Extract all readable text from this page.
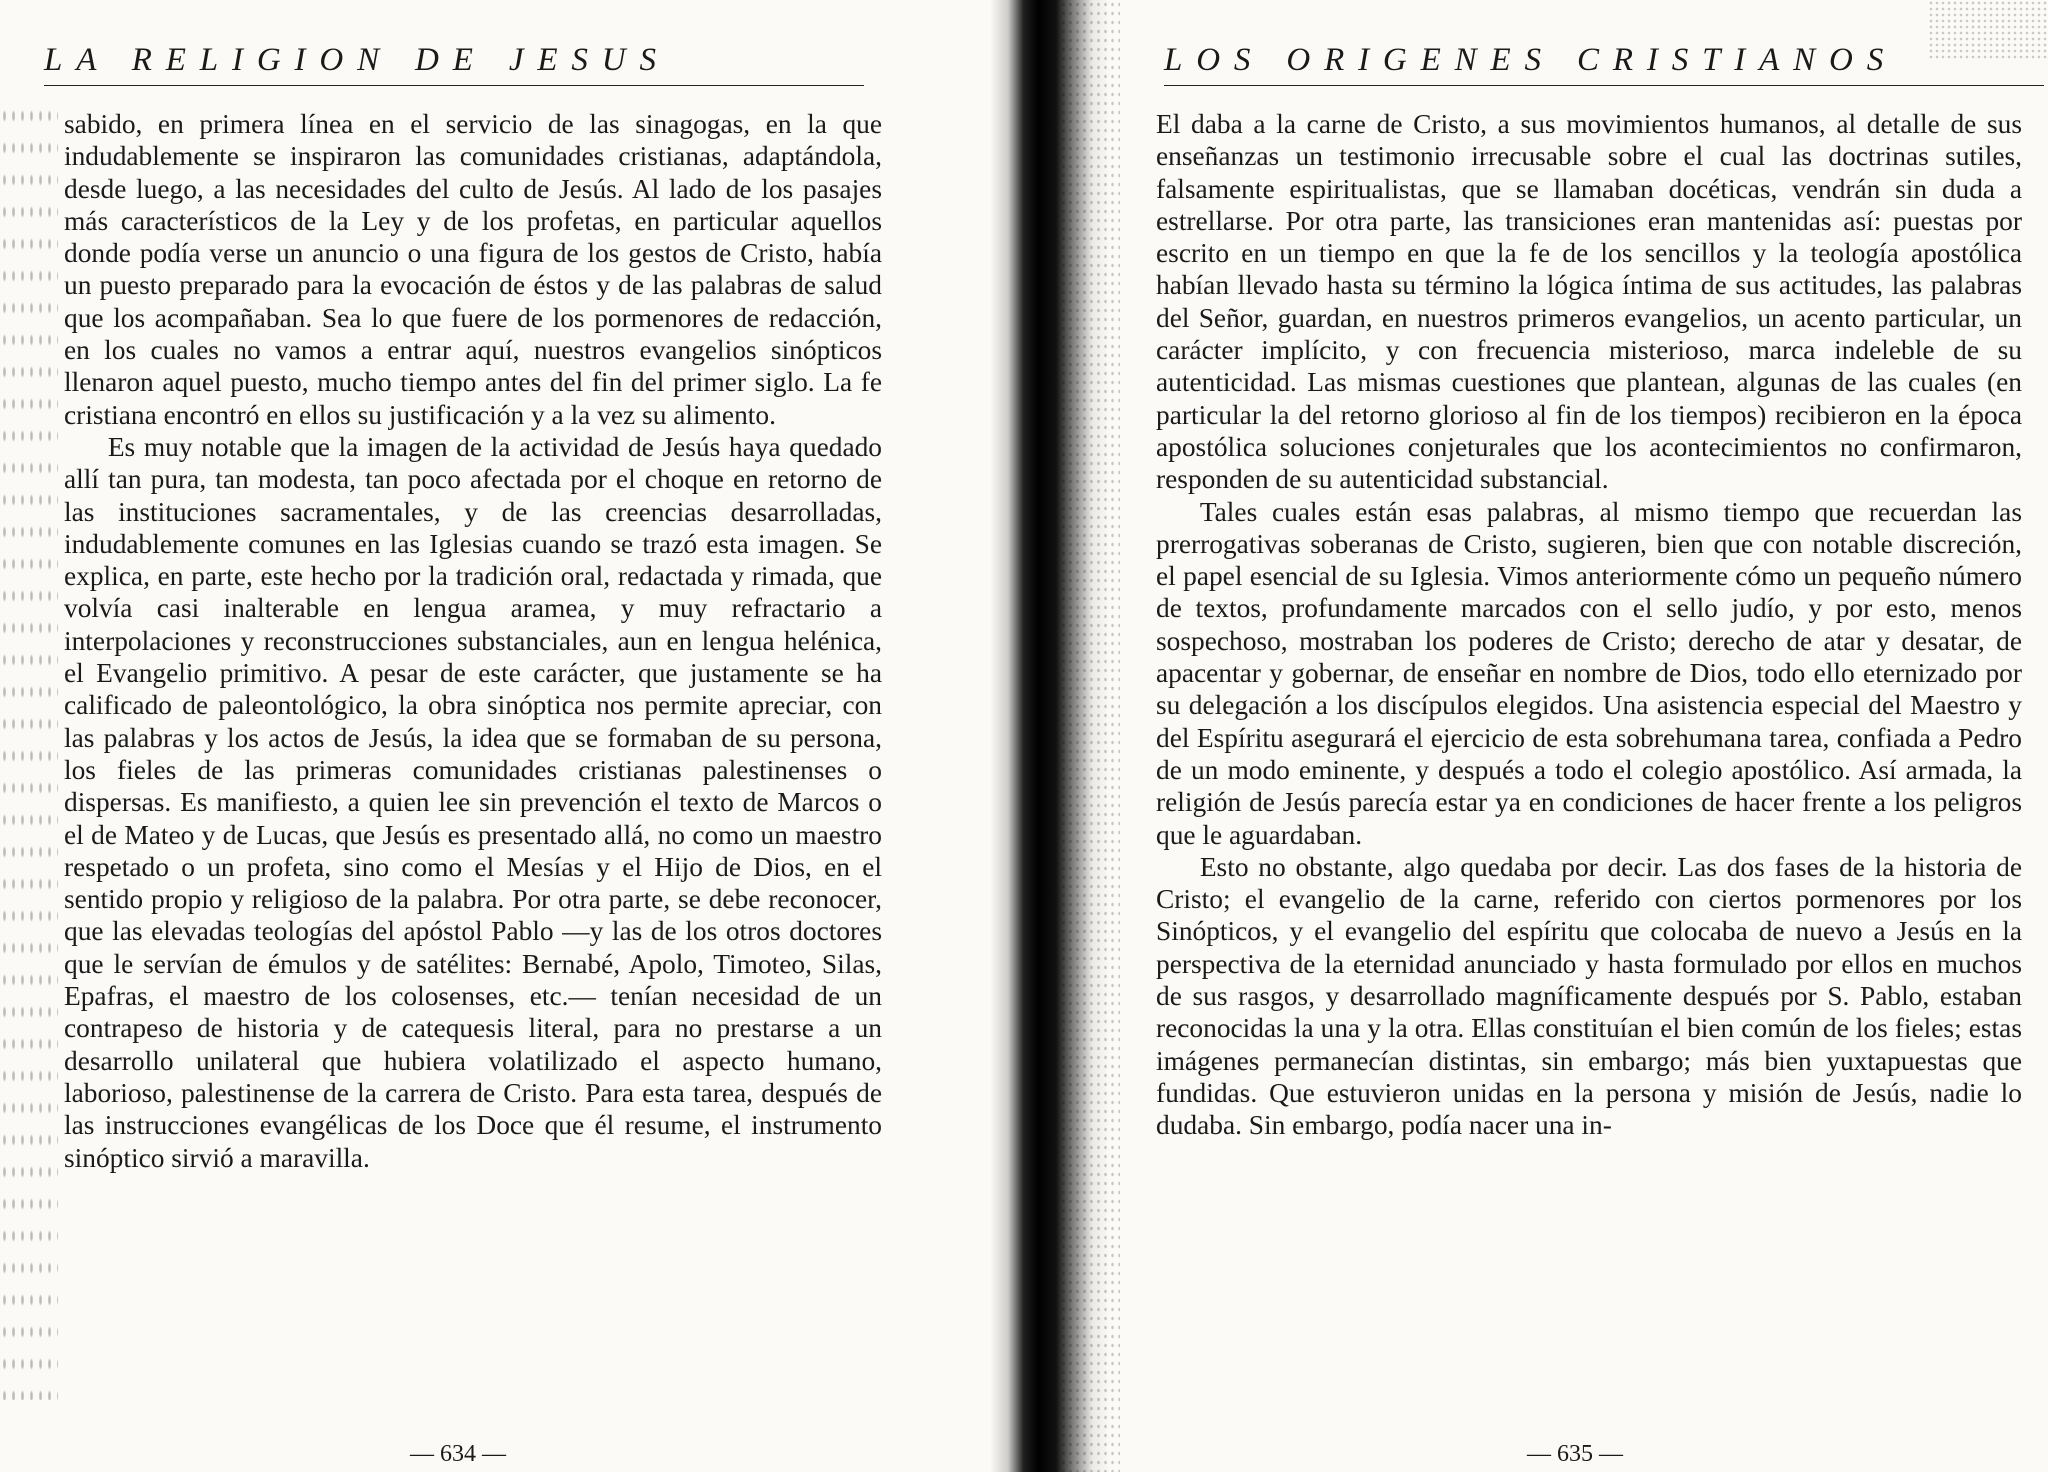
LA RELIGION DE JESUS

sabido, en primera línea en el servicio de las sinagogas, en la que indudablemente se inspiraron las comunidades cristianas, adaptándola, desde luego, a las necesidades del culto de Jesús. Al lado de los pasajes más característicos de la Ley y de los profetas, en particular aquellos donde podía verse un anuncio o una figura de los gestos de Cristo, había un puesto preparado para la evocación de éstos y de las palabras de salud que los acompañaban. Sea lo que fuere de los pormenores de redacción, en los cuales no vamos a entrar aquí, nuestros evangelios sinópticos llenaron aquel puesto, mucho tiempo antes del fin del primer siglo. La fe cristiana encontró en ellos su justificación y a la vez su alimento.

Es muy notable que la imagen de la actividad de Jesús haya quedado allí tan pura, tan modesta, tan poco afectada por el choque en retorno de las instituciones sacramentales, y de las creencias desarrolladas, indudablemente comunes en las Iglesias cuando se trazó esta imagen. Se explica, en parte, este hecho por la tradición oral, redactada y rimada, que volvía casi inalterable en lengua aramea, y muy refractario a interpolaciones y reconstrucciones substanciales, aun en lengua helénica, el Evangelio primitivo. A pesar de este carácter, que justamente se ha calificado de paleontológico, la obra sinóptica nos permite apreciar, con las palabras y los actos de Jesús, la idea que se formaban de su persona, los fieles de las primeras comunidades cristianas palestinenses o dispersas. Es manifiesto, a quien lee sin prevención el texto de Marcos o el de Mateo y de Lucas, que Jesús es presentado allá, no como un maestro respetado o un profeta, sino como el Mesías y el Hijo de Dios, en el sentido propio y religioso de la palabra. Por otra parte, se debe reconocer, que las elevadas teologías del apóstol Pablo —y las de los otros doctores que le servían de émulos y de satélites: Bernabé, Apolo, Timoteo, Silas, Epafras, el maestro de los colosenses, etc.— tenían necesidad de un contrapeso de historia y de catequesis literal, para no prestarse a un desarrollo unilateral que hubiera volatilizado el aspecto humano, laborioso, palestinense de la carrera de Cristo. Para esta tarea, después de las instrucciones evangélicas de los Doce que él resume, el instrumento sinóptico sirvió a maravilla.

— 634 —
LOS ORIGENES CRISTIANOS

El daba a la carne de Cristo, a sus movimientos humanos, al detalle de sus enseñanzas un testimonio irrecusable sobre el cual las doctrinas sutiles, falsamente espiritualistas, que se llamaban docéticas, vendrán sin duda a estrellarse. Por otra parte, las transiciones eran mantenidas así: puestas por escrito en un tiempo en que la fe de los sencillos y la teología apostólica habían llevado hasta su término la lógica íntima de sus actitudes, las palabras del Señor, guardan, en nuestros primeros evangelios, un acento particular, un carácter implícito, y con frecuencia misterioso, marca indeleble de su autenticidad. Las mismas cuestiones que plantean, algunas de las cuales (en particular la del retorno glorioso al fin de los tiempos) recibieron en la época apostólica soluciones conjeturales que los acontecimientos no confirmaron, responden de su autenticidad substancial.

Tales cuales están esas palabras, al mismo tiempo que recuerdan las prerrogativas soberanas de Cristo, sugieren, bien que con notable discreción, el papel esencial de su Iglesia. Vimos anteriormente cómo un pequeño número de textos, profundamente marcados con el sello judío, y por esto, menos sospechoso, mostraban los poderes de Cristo; derecho de atar y desatar, de apacentar y gobernar, de enseñar en nombre de Dios, todo ello eternizado por su delegación a los discípulos elegidos. Una asistencia especial del Maestro y del Espíritu asegurará el ejercicio de esta sobrehumana tarea, confiada a Pedro de un modo eminente, y después a todo el colegio apostólico. Así armada, la religión de Jesús parecía estar ya en condiciones de hacer frente a los peligros que le aguardaban.

Esto no obstante, algo quedaba por decir. Las dos fases de la historia de Cristo; el evangelio de la carne, referido con ciertos pormenores por los Sinópticos, y el evangelio del espíritu que colocaba de nuevo a Jesús en la perspectiva de la eternidad anunciado y hasta formulado por ellos en muchos de sus rasgos, y desarrollado magníficamente después por S. Pablo, estaban reconocidas la una y la otra. Ellas constituían el bien común de los fieles; estas imágenes permanecían distintas, sin embargo; más bien yuxtapuestas que fundidas. Que estuvieron unidas en la persona y misión de Jesús, nadie lo dudaba. Sin embargo, podía nacer una in-

— 635 —
